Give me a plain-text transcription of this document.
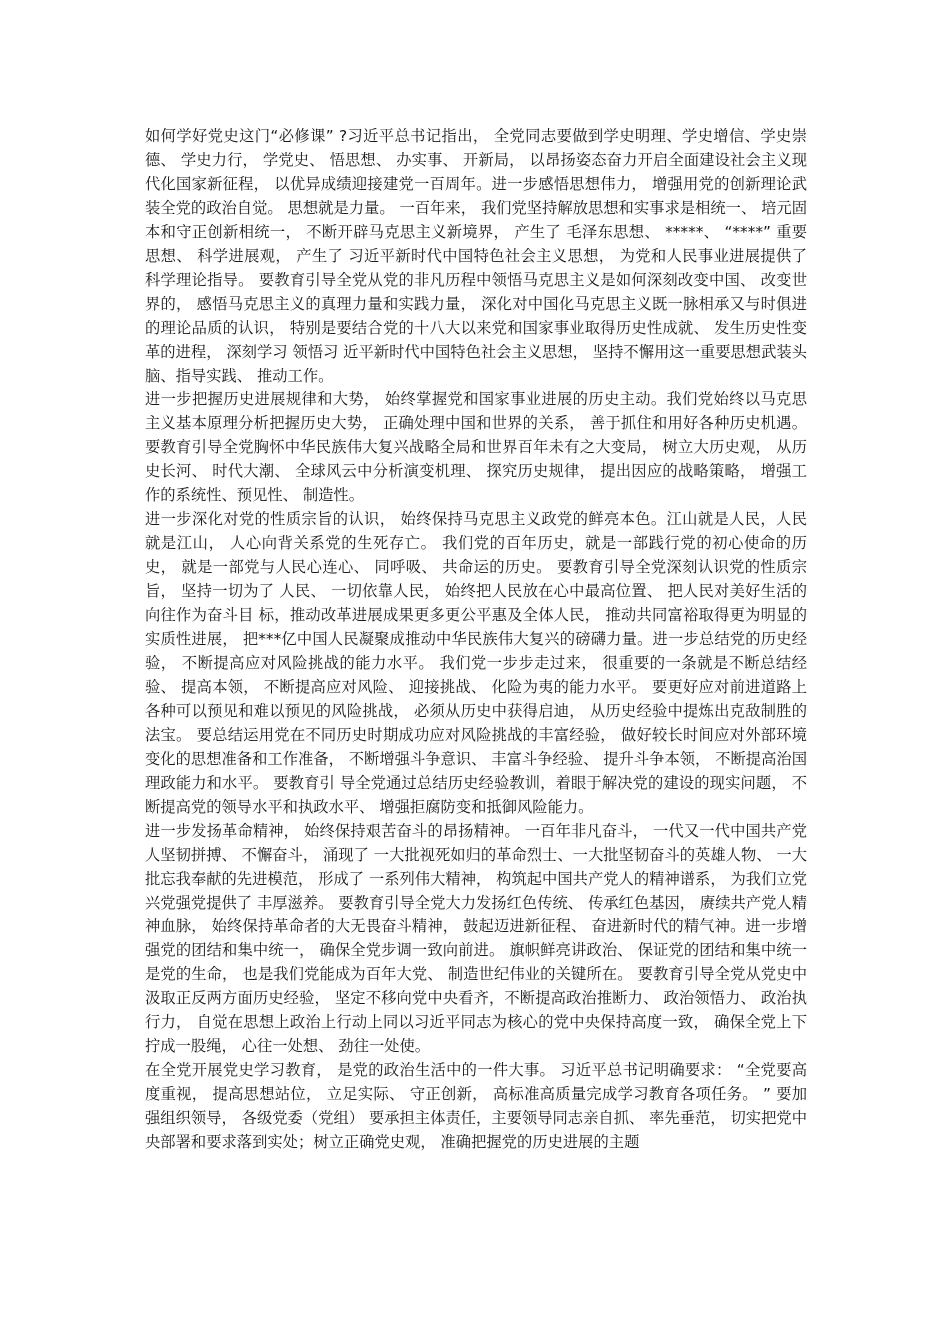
如何学好党史这门“必修课” ?习近平总书记指出， 全党同志要做到学史明理、学史增信、学史崇德、 学史力行， 学党史、 悟思想、 办实事、 开新局， 以昂扬姿态奋力开启全面建设社会主义现代化国家新征程， 以优异成绩迎接建党一百周年。进一步感悟思想伟力， 增强用党的创新理论武装全党的政治自觉。 思想就是力量。 一百年来， 我们党坚持解放思想和实事求是相统一、 培元固本和守正创新相统一， 不断开辟马克思主义新境界， 产生了 毛泽东思想、 *****、 “****” 重要思想、 科学进展观， 产生了 习近平新时代中国特色社会主义思想， 为党和人民事业进展提供了 科学理论指导。 要教育引导全党从党的非凡历程中领悟马克思主义是如何深刻改变中国、 改变世界的， 感悟马克思主义的真理力量和实践力量， 深化对中国化马克思主义既一脉相承又与时俱进的理论品质的认识， 特别是要结合党的十八大以来党和国家事业取得历史性成就、 发生历史性变革的进程， 深刻学习 领悟习 近平新时代中国特色社会主义思想， 坚持不懈用这一重要思想武装头脑、指导实践、 推动工作。

进一步把握历史进展规律和大势， 始终掌握党和国家事业进展的历史主动。我们党始终以马克思主义基本原理分析把握历史大势， 正确处理中国和世界的关系， 善于抓住和用好各种历史机遇。 要教育引导全党胸怀中华民族伟大复兴战略全局和世界百年未有之大变局， 树立大历史观， 从历史长河、 时代大潮、 全球风云中分析演变机理、 探究历史规律， 提出因应的战略策略， 增强工作的系统性、预见性、 制造性。

进一步深化对党的性质宗旨的认识， 始终保持马克思主义政党的鲜亮本色。江山就是人民，人民就是江山， 人心向背关系党的生死存亡。 我们党的百年历史，就是一部践行党的初心使命的历史， 就是一部党与人民心连心、 同呼吸、 共命运的历史。 要教育引导全党深刻认识党的性质宗旨， 坚持一切为了 人民、 一切依靠人民， 始终把人民放在心中最高位置、 把人民对美好生活的向往作为奋斗目 标，推动改革进展成果更多更公平惠及全体人民， 推动共同富裕取得更为明显的实质性进展， 把***亿中国人民凝聚成推动中华民族伟大复兴的磅礴力量。进一步总结党的历史经验， 不断提高应对风险挑战的能力水平。 我们党一步步走过来， 很重要的一条就是不断总结经验、 提高本领， 不断提高应对风险、 迎接挑战、 化险为夷的能力水平。 要更好应对前进道路上各种可以预见和难以预见的风险挑战， 必须从历史中获得启迪， 从历史经验中提炼出克敌制胜的法宝。 要总结运用党在不同历史时期成功应对风险挑战的丰富经验， 做好较长时间应对外部环境变化的思想准备和工作准备， 不断增强斗争意识、 丰富斗争经验、 提升斗争本领， 不断提高治国理政能力和水平。 要教育引 导全党通过总结历史经验教训，着眼于解决党的建设的现实问题， 不断提高党的领导水平和执政水平、 增强拒腐防变和抵御风险能力。

进一步发扬革命精神， 始终保持艰苦奋斗的昂扬精神。 一百年非凡奋斗， 一代又一代中国共产党人坚韧拼搏、 不懈奋斗， 涌现了 一大批视死如归的革命烈士、一大批坚韧奋斗的英雄人物、 一大批忘我奉献的先进模范， 形成了 一系列伟大精神， 构筑起中国共产党人的精神谱系， 为我们立党兴党强党提供了 丰厚滋养。 要教育引导全党大力发扬红色传统、 传承红色基因， 赓续共产党人精神血脉， 始终保持革命者的大无畏奋斗精神， 鼓起迈进新征程、 奋进新时代的精气神。进一步增强党的团结和集中统一， 确保全党步调一致向前进。 旗帜鲜亮讲政治、 保证党的团结和集中统一是党的生命， 也是我们党能成为百年大党、 制造世纪伟业的关键所在。 要教育引导全党从党史中汲取正反两方面历史经验， 坚定不移向党中央看齐，不断提高政治推断力、 政治领悟力、 政治执行力， 自觉在思想上政治上行动上同以习近平同志为核心的党中央保持高度一致， 确保全党上下拧成一股绳， 心往一处想、 劲往一处使。

在全党开展党史学习教育， 是党的政治生活中的一件大事。 习近平总书记明确要求： “全党要高度重视， 提高思想站位， 立足实际、 守正创新， 高标准高质量完成学习教育各项任务。 ” 要加强组织领导， 各级党委（党组） 要承担主体责任，主要领导同志亲自抓、 率先垂范， 切实把党中央部署和要求落到实处；树立正确党史观， 准确把握党的历史进展的主题
